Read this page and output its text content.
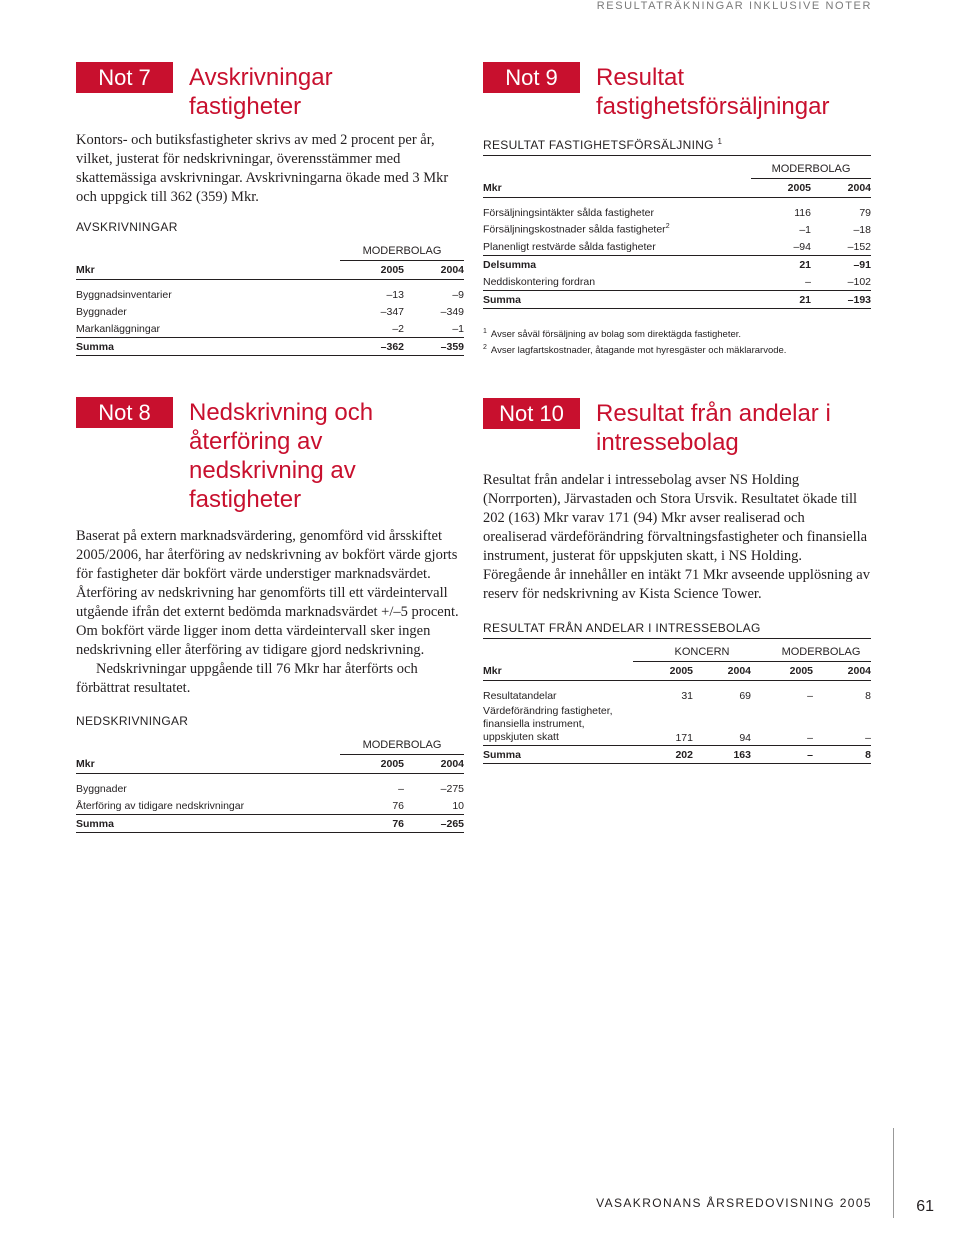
RESULTATRÄKNINGAR INKLUSIVE NOTER
Not 7	Avskrivningar fastigheter

Kontors- och butiksfastigheter skrivs av med 2 procent per år, vilket, justerat för nedskrivningar, överensstämmer med skattemässiga avskrivningar. Avskrivningarna ökade med 3 Mkr och uppgick till 362 (359) Mkr.

AVSKRIVNINGAR

	MODERBOLAG	
Mkr	2005	2004

Byggnadsinventarier	–13	–9
Byggnader	–347	–349
Markanläggningar	–2	–1
Summa	–362	–359
Not 9	Resultat fastighetsförsäljningar

RESULTAT FASTIGHETSFÖRSÄLJNING $^1$

	MODERBOLAG	
Mkr	2005	2004

Försäljningsintäkter sålda fastigheter	116	79
Försäljningskostnader sålda fastigheter$^2$	–1	–18
Planenligt restvärde sålda fastigheter	–94	–152
Delsumma	21	–91
Neddiskontering fordran	–	–102
Summa	21	–193
$^1$ Avser såväl försäljning av bolag som direktägda fastigheter.
$^2$ Avser lagfartskostnader, åtagande mot hyresgäster och mäklararvode.
Not 8	Nedskrivning och återföring av nedskrivning av fastigheter
Baserat på extern marknadsvärdering, genomförd vid årsskiftet 2005/2006, har återföring av nedskrivning av bokfört värde gjorts för fastigheter där bokfört värde understiger marknadsvärdet. Återföring av nedskrivning har genomförts till ett värdeintervall utgående ifrån det externt bedömda marknadsvärdet +/–5 procent. Om bokfört värde ligger inom detta värdeintervall sker ingen nedskrivning eller återföring av tidigare gjord nedskrivning.
Nedskrivningar uppgående till 76 Mkr har återförts och förbättrat resultatet.

NEDSKRIVNINGAR

	MODERBOLAG	
Mkr	2005	2004

Byggnader	–	–275
Återföring av tidigare nedskrivningar	76	10
Summa	76	–265
Not 10	Resultat från andelar i intressebolag

Resultat från andelar i intressebolag avser NS Holding (Norrporten), Järvastaden och Stora Ursvik. Resultatet ökade till 202 (163) Mkr varav 171 (94) Mkr avser realiserad och orealiserad värdeförändring förvaltningsfastigheter och finansiella instrument, justerat för uppskjuten skatt, i NS Holding. Föregående år innehåller en intäkt 71 Mkr avseende upplösning av reserv för nedskrivning av Kista Science Tower.

RESULTAT FRÅN ANDELAR I INTRESSEBOLAG

	KONCERN		MODERBOLAG	
Mkr	2005	2004	2005	2004

Resultatandelar	31	69	–	8
Värdeförändring fastigheter, finansiella instrument, uppskjuten skatt	171	94	–	–
Summa	202	163	–	8
VASAKRONANS ÅRSREDOVISNING 2005	61
